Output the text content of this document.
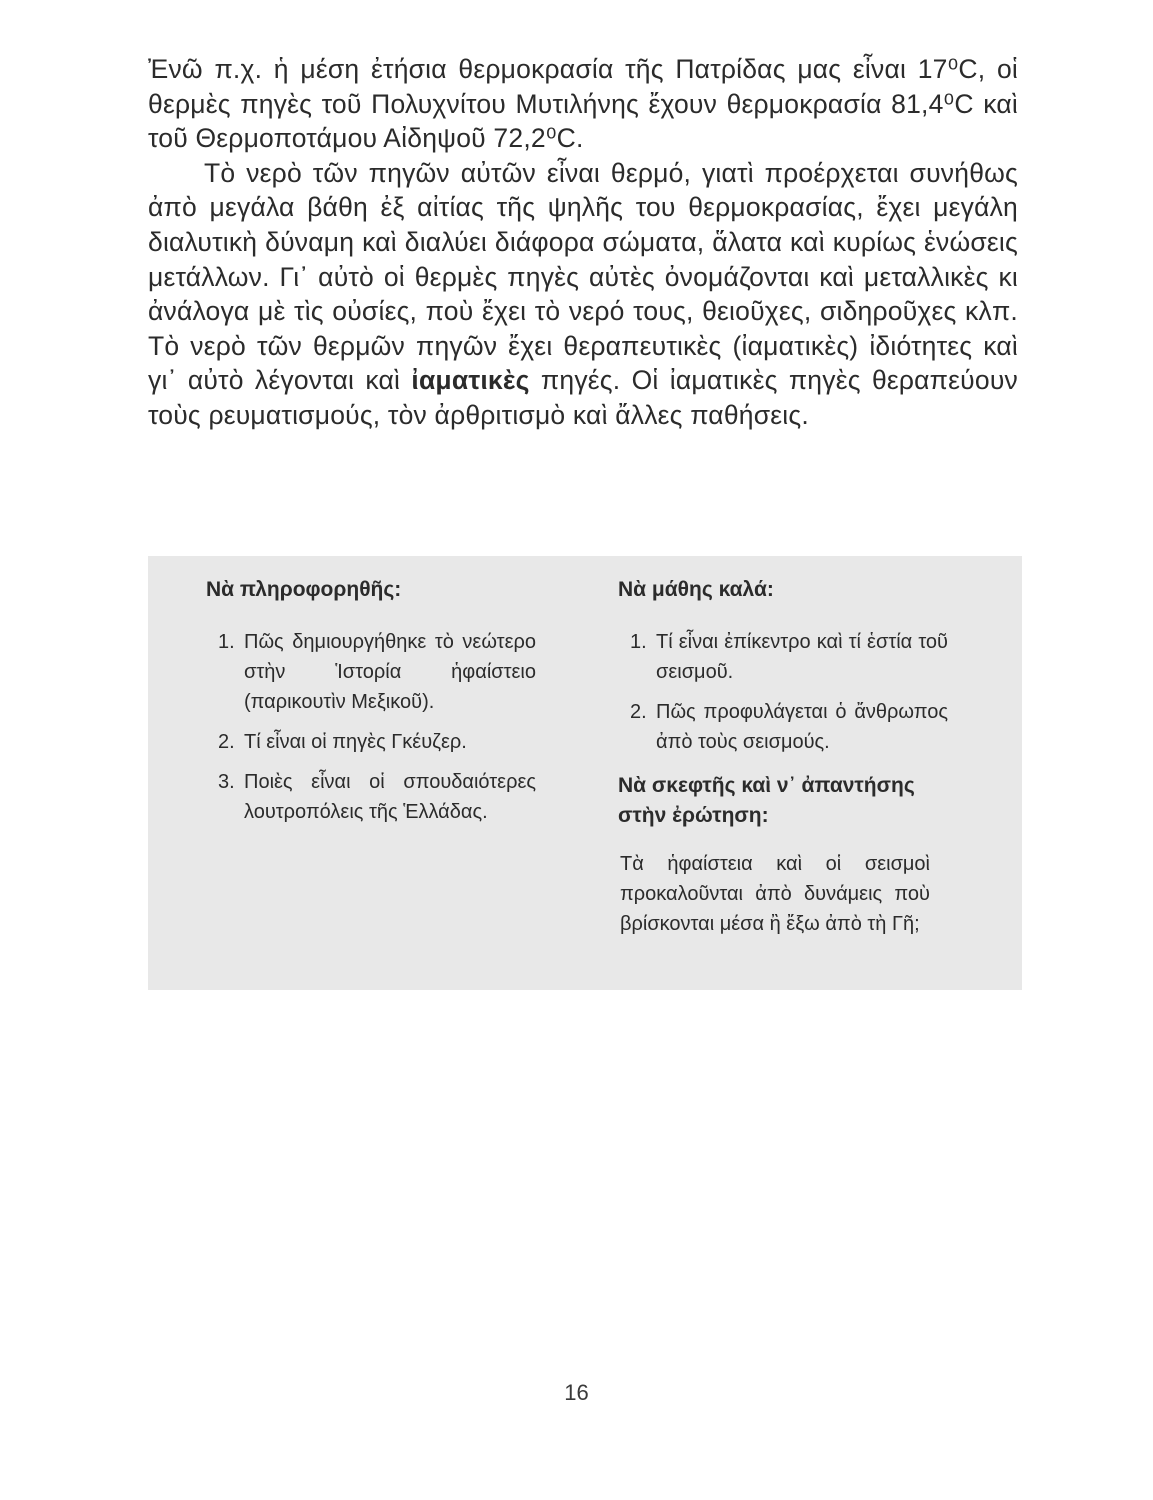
Ἐνῶ π.χ. ἡ μέση ἐτήσια θερμοκρασία τῆς Πατρίδας μας εἶναι 17⁰C, οἱ θερμὲς πηγὲς τοῦ Πολυχνίτου Μυτιλήνης ἔχουν θερμοκρασία 81,4⁰C καὶ τοῦ Θερμοποτάμου Αἰδηψοῦ 72,2⁰C.

Τὸ νερὸ τῶν πηγῶν αὐτῶν εἶναι θερμό, γιατὶ προέρχεται συνήθως ἀπὸ μεγάλα βάθη ἐξ αἰτίας τῆς ψηλῆς του θερμοκρασίας, ἔχει μεγάλη διαλυτικὴ δύναμη καὶ διαλύει διάφορα σώματα, ἅλατα καὶ κυρίως ἑνώσεις μετάλλων. Γι᾽ αὐτὸ οἱ θερμὲς πηγὲς αὐτὲς ὀνομάζονται καὶ μεταλλικὲς κι ἀνάλογα μὲ τὶς οὐσίες, ποὺ ἔχει τὸ νερό τους, θειοῦχες, σιδηροῦχες κλπ. Τὸ νερὸ τῶν θερμῶν πηγῶν ἔχει θεραπευτικὲς (ἰαματικὲς) ἰδιότητες καὶ γι᾽ αὐτὸ λέγονται καὶ ἰαματικὲς πηγές. Οἱ ἰαματικὲς πηγὲς θεραπεύουν τοὺς ρευματισμούς, τὸν ἀρθριτισμὸ καὶ ἄλλες παθήσεις.

Νὰ πληροφορηθῆς:
1. Πῶς δημιουργήθηκε τὸ νεώτερο στὴν Ἱστορία ἡφαίστειο (παρικουτὶν Μεξικοῦ).
2. Τί εἶναι οἱ πηγὲς Γκέυζερ.
3. Ποιὲς εἶναι οἱ σπουδαιότερες λουτροπόλεις τῆς Ἑλλάδας.
Νὰ μάθης καλά:
1. Τί εἶναι ἐπίκεντρο καὶ τί ἑστία τοῦ σεισμοῦ.
2. Πῶς προφυλάγεται ὁ ἄνθρωπος ἀπὸ τοὺς σεισμούς.
Νὰ σκεφτῆς καὶ ν᾽ ἀπαντήσης στὴν ἐρώτηση:

Τὰ ἡφαίστεια καὶ οἱ σεισμοὶ προκαλοῦνται ἀπὸ δυνάμεις ποὺ βρίσκονται μέσα ἢ ἔξω ἀπὸ τὴ Γῆ;

16
